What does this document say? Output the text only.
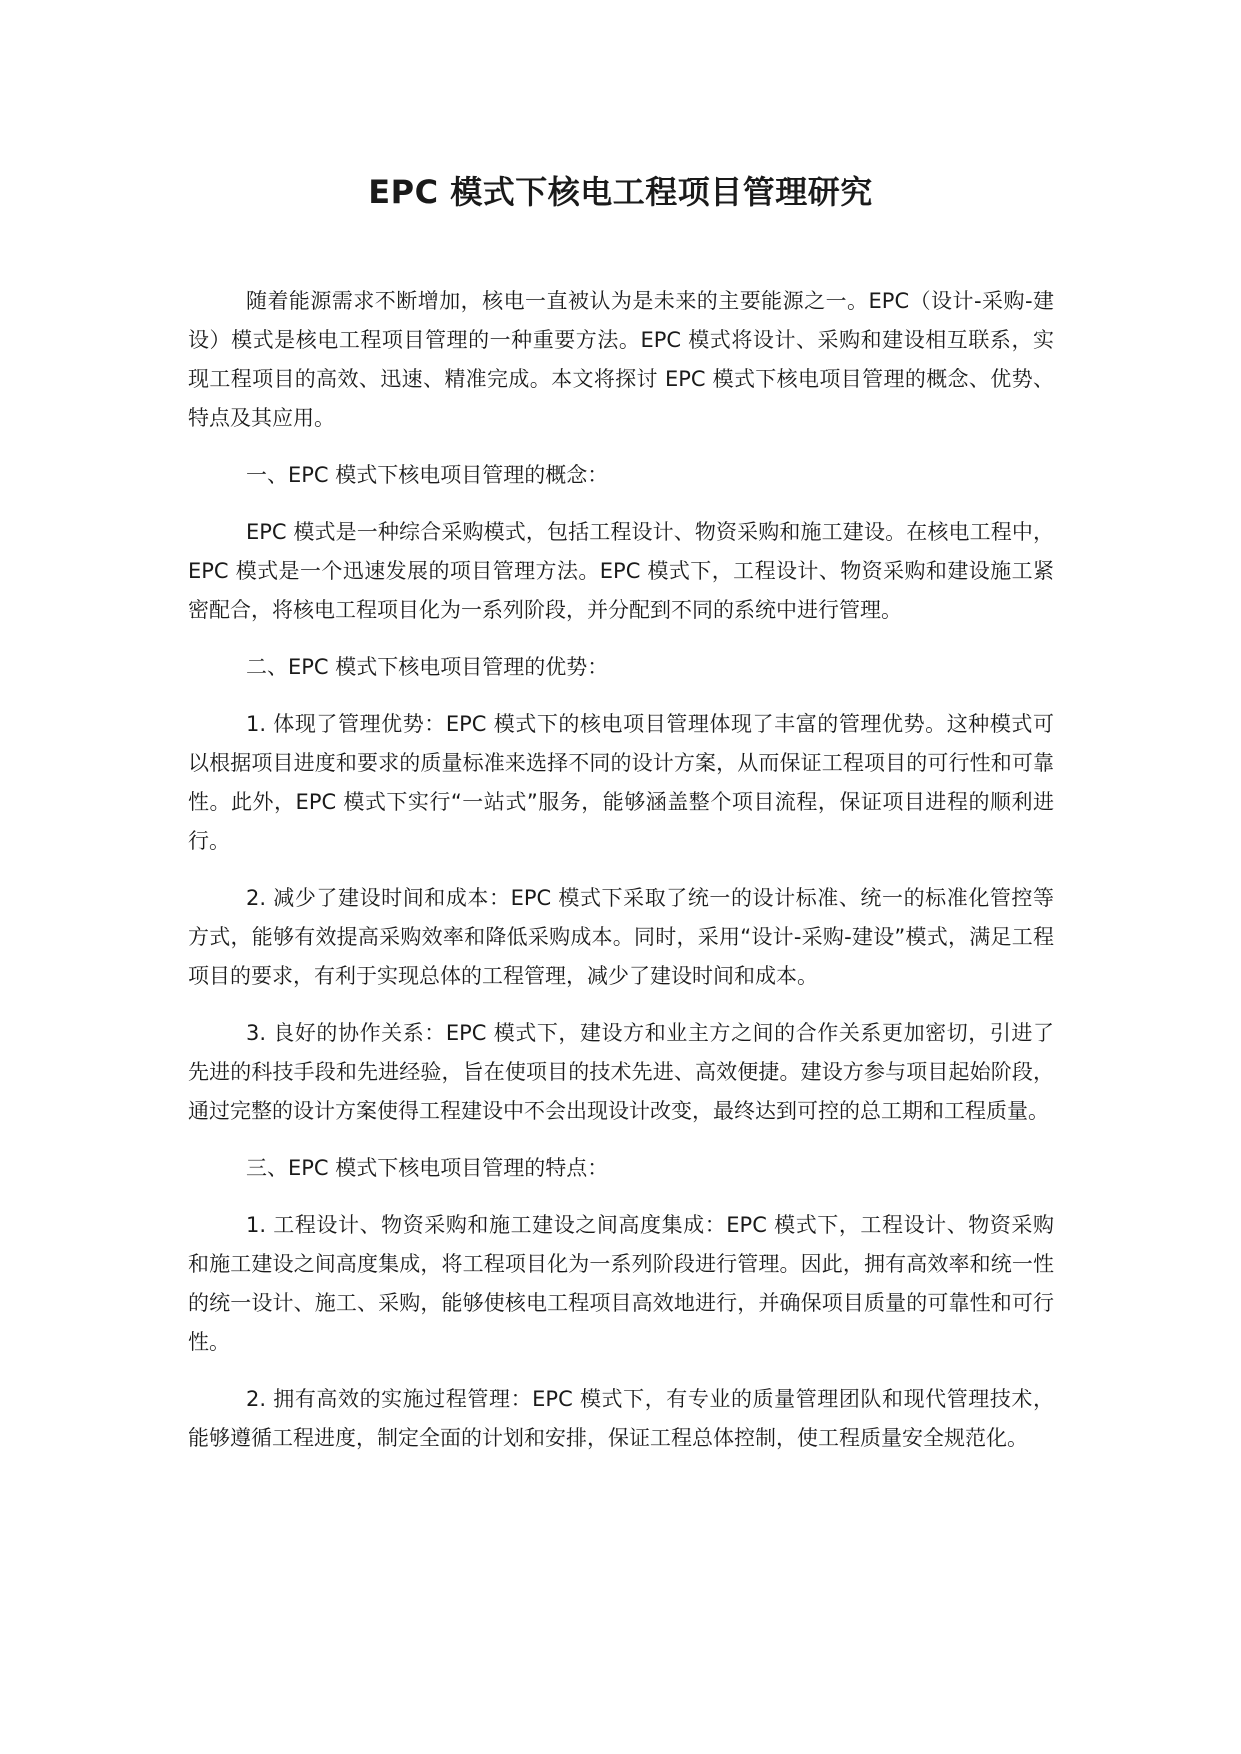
EPC 模式下核电工程项目管理研究

随着能源需求不断增加，核电一直被认为是未来的主要能源之一。EPC（设计-采购-建设）模式是核电工程项目管理的一种重要方法。EPC 模式将设计、采购和建设相互联系，实现工程项目的高效、迅速、精准完成。本文将探讨 EPC 模式下核电项目管理的概念、优势、特点及其应用。

一、EPC 模式下核电项目管理的概念：

EPC 模式是一种综合采购模式，包括工程设计、物资采购和施工建设。在核电工程中，EPC 模式是一个迅速发展的项目管理方法。EPC 模式下，工程设计、物资采购和建设施工紧密配合，将核电工程项目化为一系列阶段，并分配到不同的系统中进行管理。

二、EPC 模式下核电项目管理的优势：

1. 体现了管理优势：EPC 模式下的核电项目管理体现了丰富的管理优势。这种模式可以根据项目进度和要求的质量标准来选择不同的设计方案，从而保证工程项目的可行性和可靠性。此外，EPC 模式下实行“一站式”服务，能够涵盖整个项目流程，保证项目进程的顺利进行。

2. 减少了建设时间和成本：EPC 模式下采取了统一的设计标准、统一的标准化管控等方式，能够有效提高采购效率和降低采购成本。同时，采用“设计-采购-建设”模式，满足工程项目的要求，有利于实现总体的工程管理，减少了建设时间和成本。

3. 良好的协作关系：EPC 模式下，建设方和业主方之间的合作关系更加密切，引进了先进的科技手段和先进经验，旨在使项目的技术先进、高效便捷。建设方参与项目起始阶段，通过完整的设计方案使得工程建设中不会出现设计改变，最终达到可控的总工期和工程质量。

三、EPC 模式下核电项目管理的特点：

1. 工程设计、物资采购和施工建设之间高度集成：EPC 模式下，工程设计、物资采购和施工建设之间高度集成，将工程项目化为一系列阶段进行管理。因此，拥有高效率和统一性的统一设计、施工、采购，能够使核电工程项目高效地进行，并确保项目质量的可靠性和可行性。

2. 拥有高效的实施过程管理：EPC 模式下，有专业的质量管理团队和现代管理技术，能够遵循工程进度，制定全面的计划和安排，保证工程总体控制，使工程质量安全规范化。
